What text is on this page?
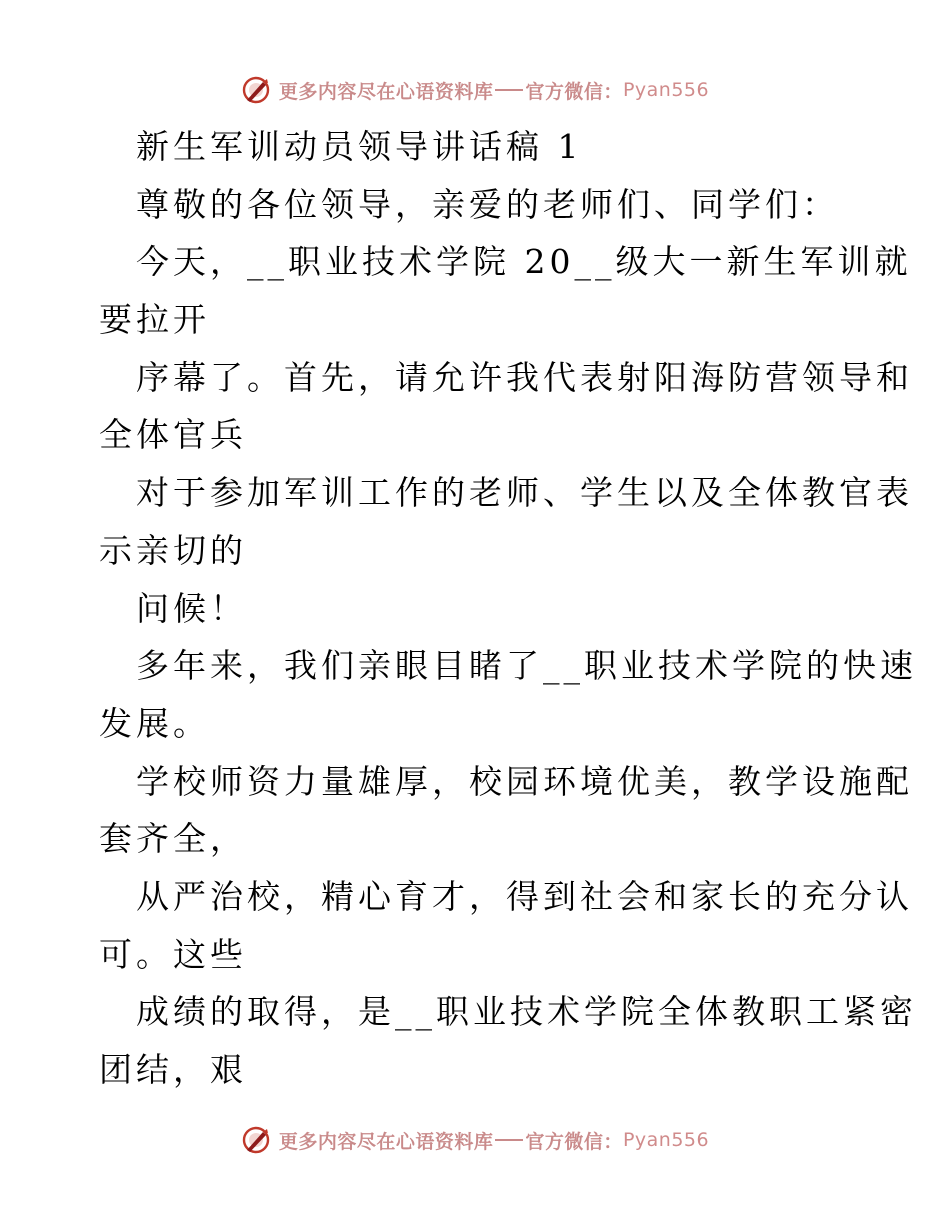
更多内容尽在心语资料库 官方微信： Pyan556
新生军训动员领导讲话稿 1
尊敬的各位领导，亲爱的老师们、同学们：
今天，__职业技术学院 20__级大一新生军训就
要拉开
序幕了。首先，请允许我代表射阳海防营领导和
全体官兵
对于参加军训工作的老师、学生以及全体教官表
示亲切的
问候！
多年来，我们亲眼目睹了__职业技术学院的快速
发展。
学校师资力量雄厚，校园环境优美，教学设施配
套齐全，
从严治校，精心育才，得到社会和家长的充分认
可。这些
成绩的取得，是__职业技术学院全体教职工紧密
团结，艰
更多内容尽在心语资料库 官方微信： Pyan556
